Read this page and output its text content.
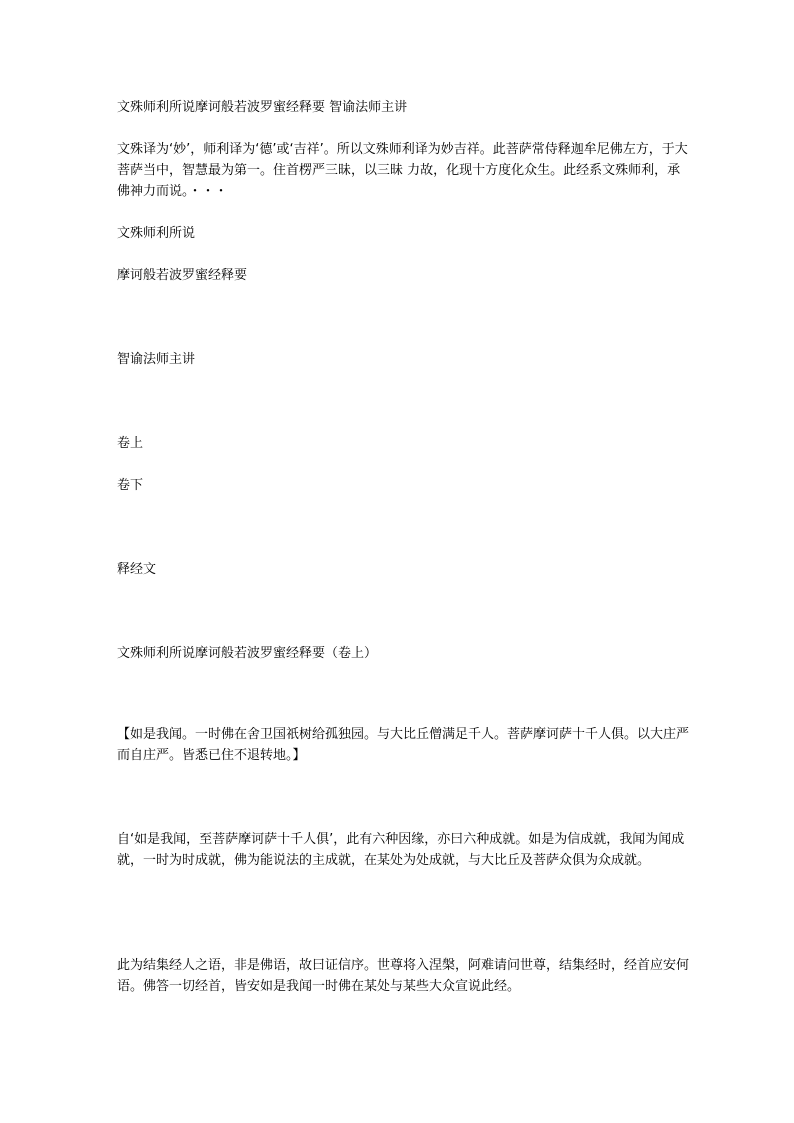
文殊师利所说摩诃般若波罗蜜经释要 智谕法师主讲

文殊译为‘妙’，师利译为‘德’或‘吉祥’。所以文殊师利译为妙吉祥。此菩萨常侍释迦牟尼佛左方，于大菩萨当中，智慧最为第一。住首楞严三昧，以三昧 力故，化现十方度化众生。此经系文殊师利，承佛神力而说。・・・

文殊师利所说

摩诃般若波罗蜜经释要

智谕法师主讲

卷上

卷下

释经文

文殊师利所说摩诃般若波罗蜜经释要（卷上）

【如是我闻。一时佛在舍卫国祇树给孤独园。与大比丘僧满足千人。菩萨摩诃萨十千人俱。以大庄严而自庄严。皆悉已住不退转地。】

自‘如是我闻，至菩萨摩诃萨十千人俱’，此有六种因缘，亦曰六种成就。如是为信成就，我闻为闻成就，一时为时成就，佛为能说法的主成就，在某处为处成就，与大比丘及菩萨众俱为众成就。

此为结集经人之语，非是佛语，故曰证信序。世尊将入涅槃，阿难请问世尊，结集经时，经首应安何语。佛答一切经首，皆安如是我闻一时佛在某处与某些大众宣说此经。
